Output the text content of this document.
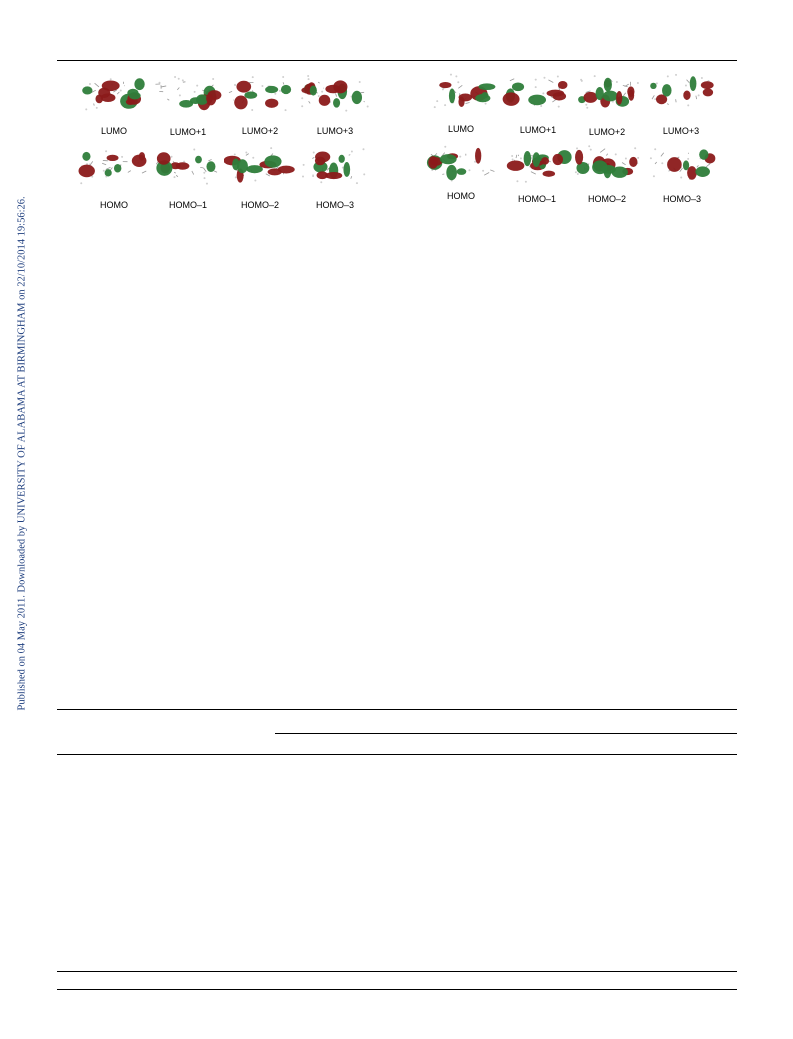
Published on 04 May 2011. Downloaded by UNIVERSITY OF ALABAMA AT BIRMINGHAM on 22/10/2014 19:56:26.
LUMO	LUMO+1	LUMO+2	LUMO+3
HOMO	HOMO–1	HOMO–2	HOMO–3
LUMO	LUMO+1	LUMO+2	LUMO+3
HOMO	HOMO–1	HOMO–2	HOMO–3
